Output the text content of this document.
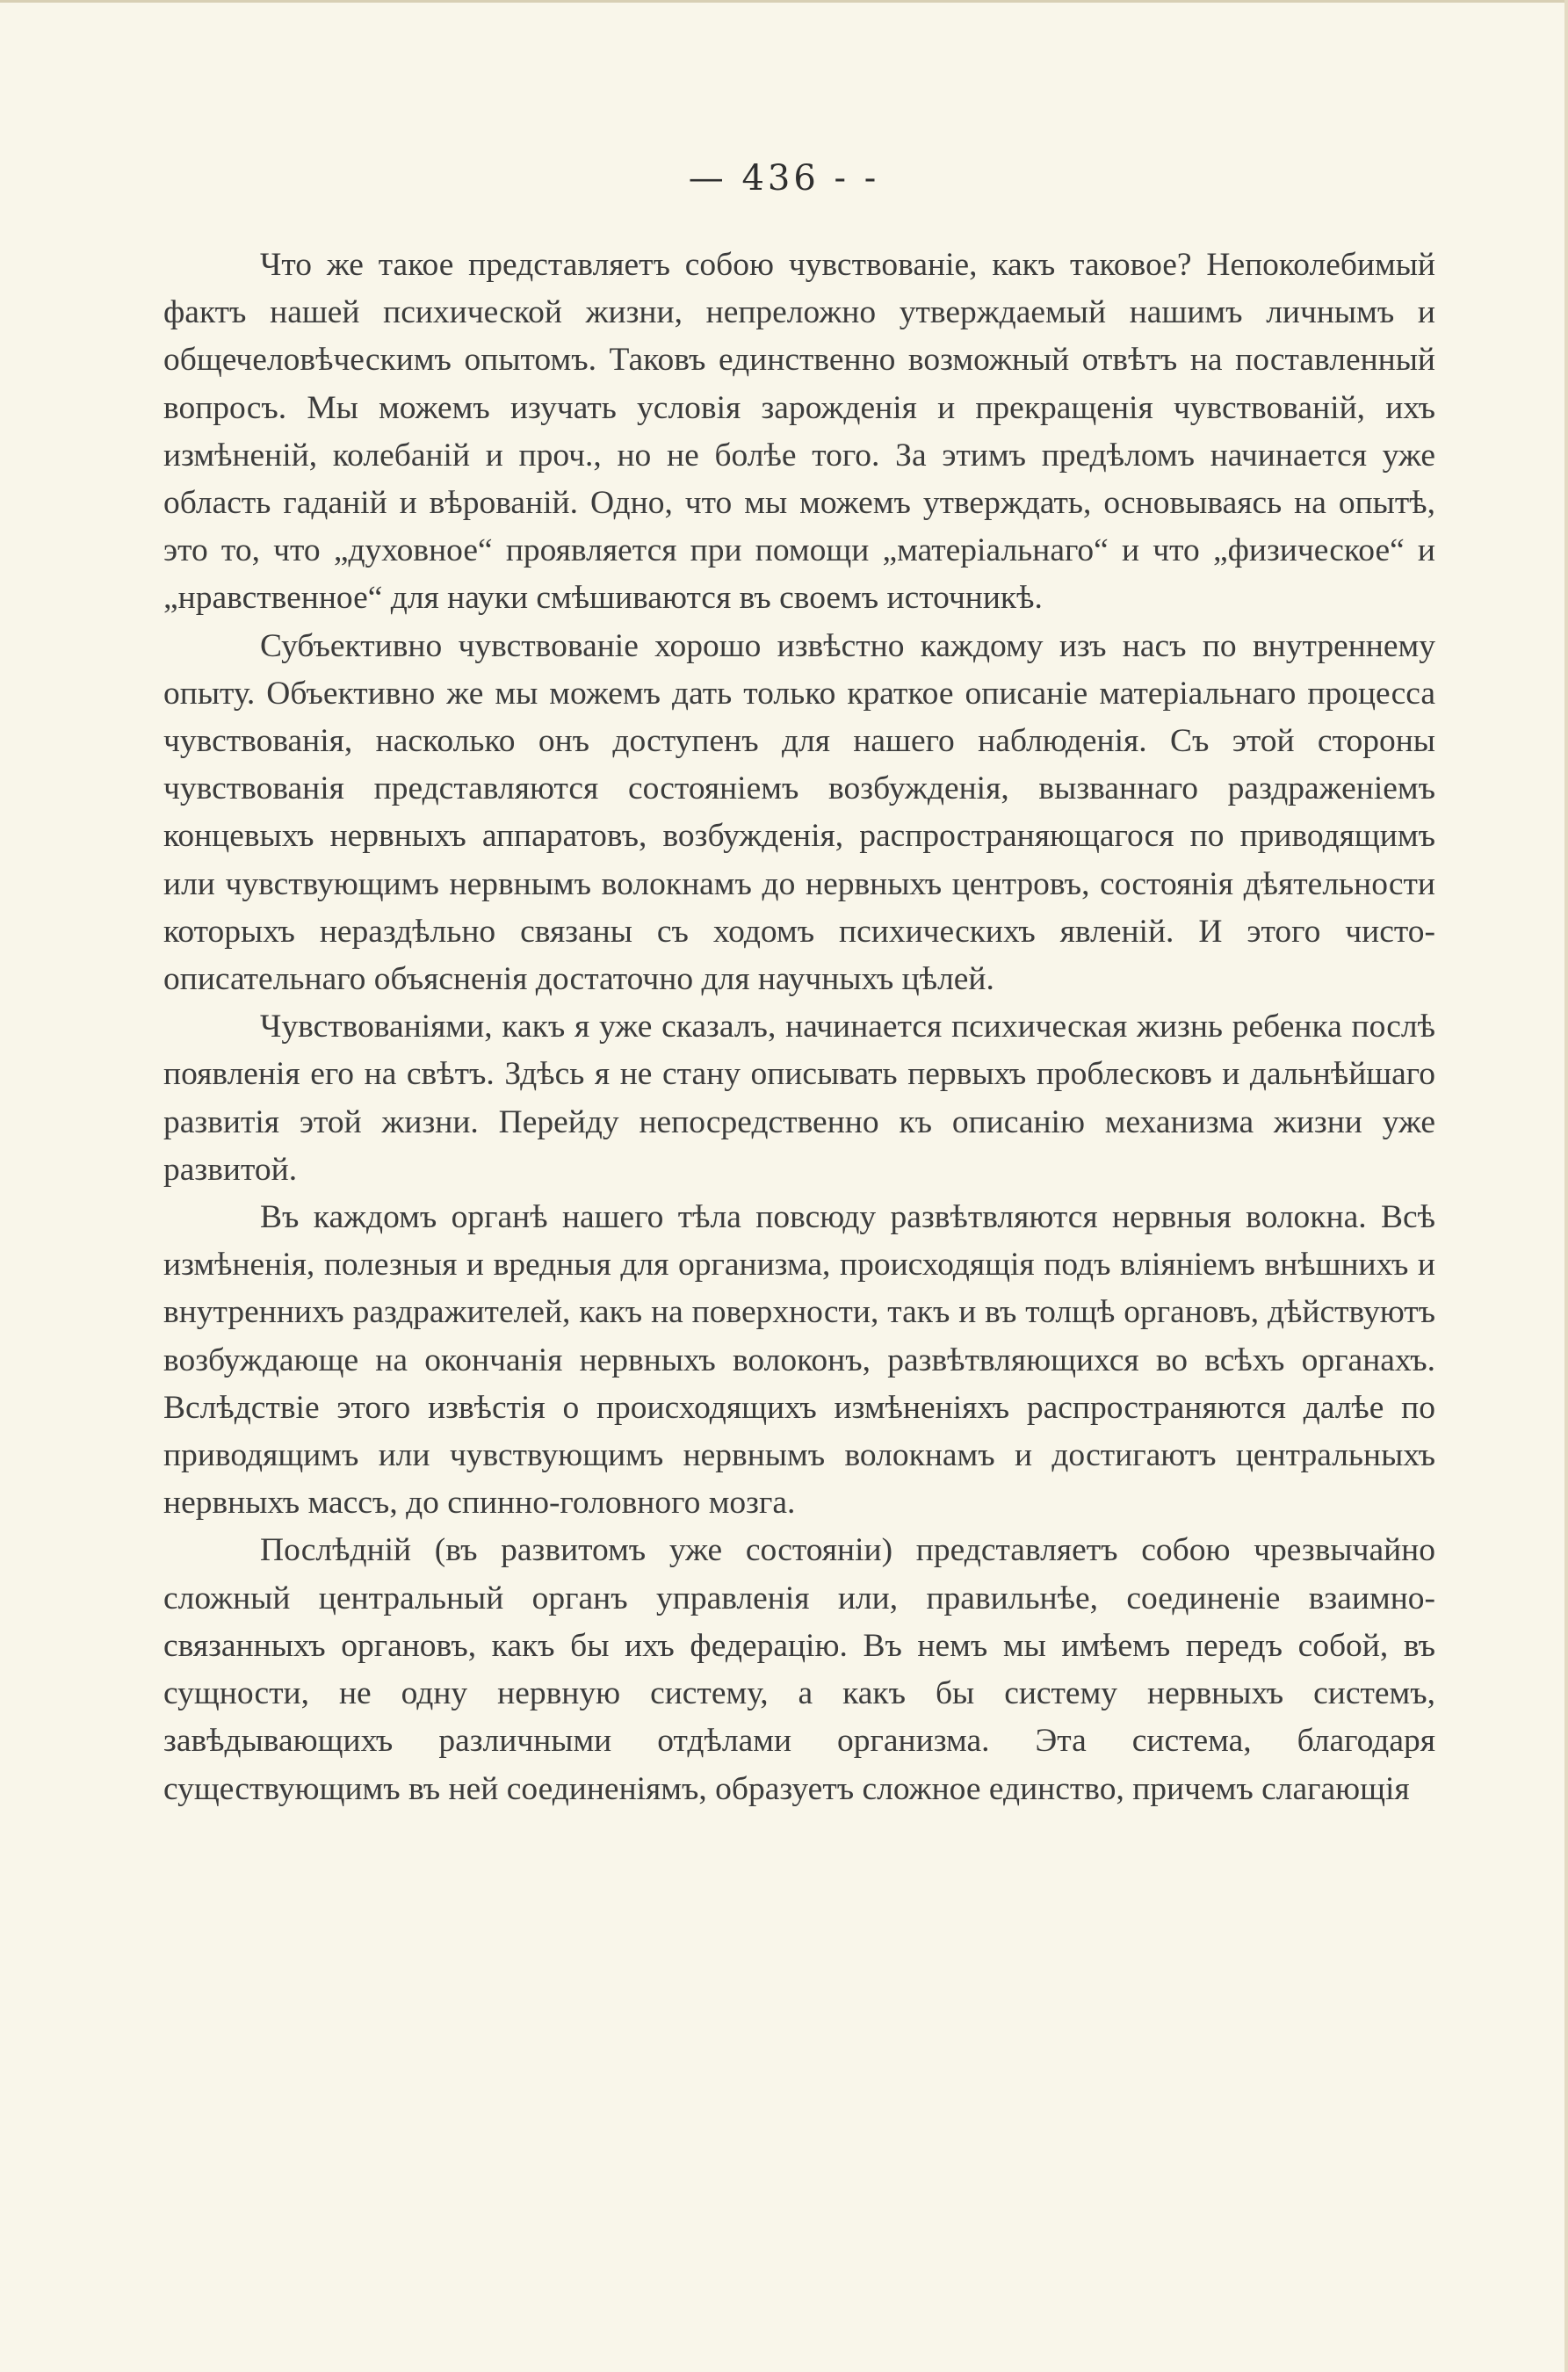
— 436 - -

Что же такое представляетъ собою чувствованіе, какъ таковое? Непоколебимый фактъ нашей психической жизни, непреложно утверждаемый нашимъ личнымъ и общечеловѣческимъ опытомъ. Таковъ единственно возможный отвѣтъ на поставленный вопросъ. Мы можемъ изучать условія зарожденія и прекращенія чувствованій, ихъ измѣненій, колебаній и проч., но не болѣе того. За этимъ предѣломъ начинается уже область гаданій и вѣрованій. Одно, что мы можемъ утверждать, основываясь на опытѣ, это то, что „духовное“ проявляется при помощи „матеріальнаго“ и что „физическое“ и „нравственное“ для науки смѣшиваются въ своемъ источникѣ.

Субъективно чувствованіе хорошо извѣстно каждому изъ насъ по внутреннему опыту. Объективно же мы можемъ дать только краткое описаніе матеріальнаго процесса чувствованія, насколько онъ доступенъ для нашего наблюденія. Съ этой стороны чувствованія представляются состояніемъ возбужденія, вызваннаго раздраженіемъ концевыхъ нервныхъ аппаратовъ, возбужденія, распространяющагося по приводящимъ или чувствующимъ нервнымъ волокнамъ до нервныхъ центровъ, состоянія дѣятельности которыхъ нераздѣльно связаны съ ходомъ психическихъ явленій. И этого чисто-описательнаго объясненія достаточно для научныхъ цѣлей.

Чувствованіями, какъ я уже сказалъ, начинается психическая жизнь ребенка послѣ появленія его на свѣтъ. Здѣсь я не стану описывать первыхъ проблесковъ и дальнѣйшаго развитія этой жизни. Перейду непосредственно къ описанію механизма жизни уже развитой.

Въ каждомъ органѣ нашего тѣла повсюду развѣтвляются нервныя волокна. Всѣ измѣненія, полезныя и вредныя для организма, происходящія подъ вліяніемъ внѣшнихъ и внутреннихъ раздражителей, какъ на поверхности, такъ и въ толщѣ органовъ, дѣйствуютъ возбуждающе на окончанія нервныхъ волоконъ, развѣтвляющихся во всѣхъ органахъ. Вслѣдствіе этого извѣстія о происходящихъ измѣненіяхъ распространяются далѣе по приводящимъ или чувствующимъ нервнымъ волокнамъ и достигаютъ центральныхъ нервныхъ массъ, до спинно-головного мозга.

Послѣдній (въ развитомъ уже состояніи) представляетъ собою чрезвычайно сложный центральный органъ управленія или, правильнѣе, соединеніе взаимно-связанныхъ органовъ, какъ бы ихъ федерацію. Въ немъ мы имѣемъ передъ собой, въ сущности, не одну нервную систему, а какъ бы систему нервныхъ системъ, завѣдывающихъ различными отдѣлами организма. Эта система, благодаря существующимъ въ ней соединеніямъ, образуетъ сложное единство, причемъ слагающія
